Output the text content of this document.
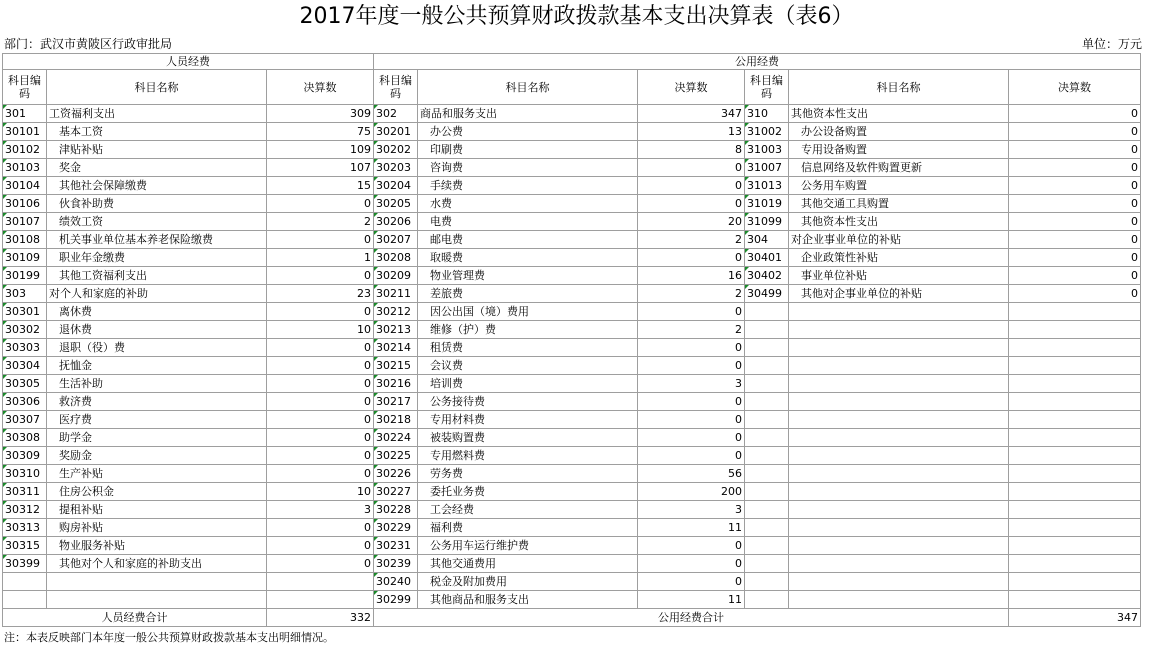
2017年度一般公共预算财政拨款基本支出决算表（表6）
部门：武汉市黄陂区行政审批局	单位：万元
人员经费			公用经费					
科目编码	科目名称	决算数	科目编码	科目名称	决算数	科目编码	科目名称	决算数
301	工资福利支出	309	302	商品和服务支出	347	310	其他资本性支出	0
30101	基本工资	75	30201	办公费	13	31002	办公设备购置	0
30102	津贴补贴	109	30202	印刷费	8	31003	专用设备购置	0
30103	奖金	107	30203	咨询费	0	31007	信息网络及软件购置更新	0
30104	其他社会保障缴费	15	30204	手续费	0	31013	公务用车购置	0
30106	伙食补助费	0	30205	水费	0	31019	其他交通工具购置	0
30107	绩效工资	2	30206	电费	20	31099	其他资本性支出	0
30108	机关事业单位基本养老保险缴费	0	30207	邮电费	2	304	对企业事业单位的补贴	0
30109	职业年金缴费	1	30208	取暖费	0	30401	企业政策性补贴	0
30199	其他工资福利支出	0	30209	物业管理费	16	30402	事业单位补贴	0
303	对个人和家庭的补助	23	30211	差旅费	2	30499	其他对企事业单位的补贴	0
30301	离休费	0	30212	因公出国（境）费用	0			
30302	退休费	10	30213	维修（护）费	2			
30303	退职（役）费	0	30214	租赁费	0			
30304	抚恤金	0	30215	会议费	0			
30305	生活补助	0	30216	培训费	3			
30306	救济费	0	30217	公务接待费	0			
30307	医疗费	0	30218	专用材料费	0			
30308	助学金	0	30224	被装购置费	0			
30309	奖励金	0	30225	专用燃料费	0			
30310	生产补贴	0	30226	劳务费	56			
30311	住房公积金	10	30227	委托业务费	200			
30312	提租补贴	3	30228	工会经费	3			
30313	购房补贴	0	30229	福利费	11			
30315	物业服务补贴	0	30231	公务用车运行维护费	0			
30399	其他对个人和家庭的补助支出	0	30239	其他交通费用	0			
			30240	税金及附加费用	0			
			30299	其他商品和服务支出	11			
人员经费合计		332	公用经费合计					347
注：本表反映部门本年度一般公共预算财政拨款基本支出明细情况。
